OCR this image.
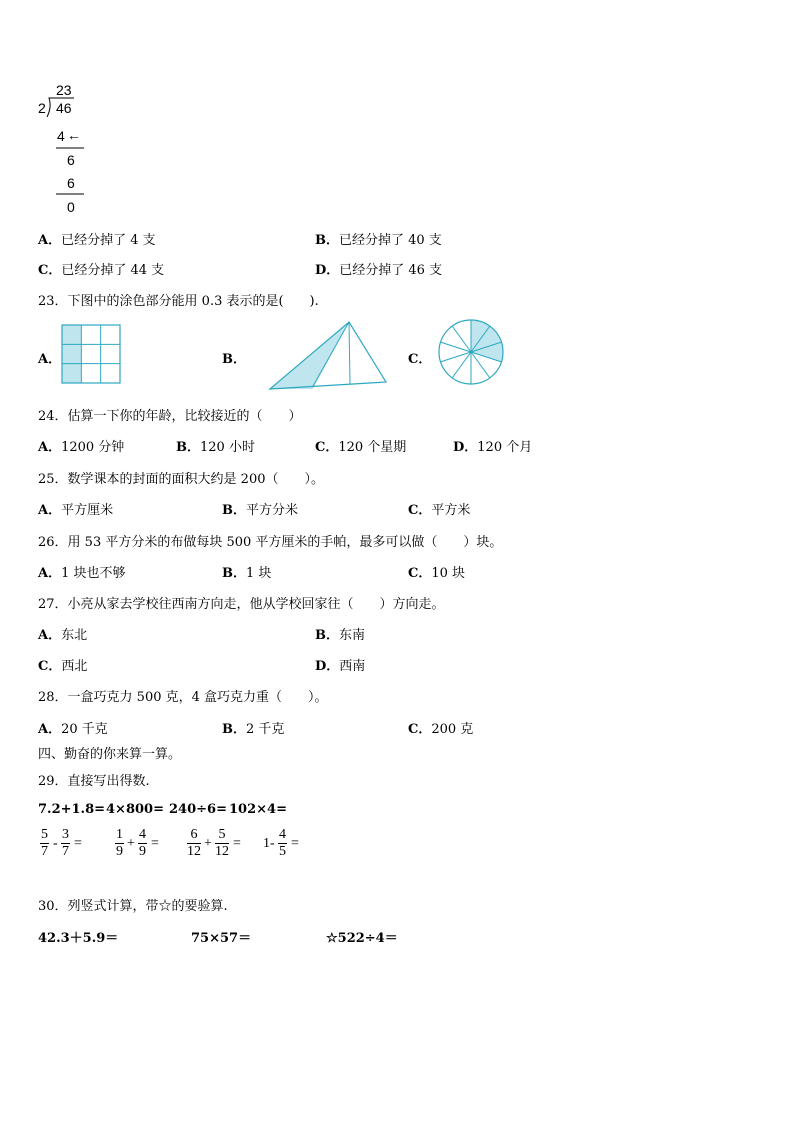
23
2 46
4 ←
6
6
0
A．已经分掉了 4 支	B．已经分掉了 40 支
C．已经分掉了 44 支	D．已经分掉了 46 支
23．下图中的涂色部分能用 0.3 表示的是(　　).
A．	B．	C．
24．估算一下你的年龄，比较接近的（　　）
A．1200 分钟	B．120 小时	C．120 个星期	D．120 个月
25．数学课本的封面的面积大约是 200（　　）。
A．平方厘米	B．平方分米	C．平方米
26．用 53 平方分米的布做每块 500 平方厘米的手帕，最多可以做（　　）块。
A．1 块也不够	B．1 块	C．10 块
27．小亮从家去学校往西南方向走，他从学校回家往（　　）方向走。
A．东北	B．东南
C．西北	D．西南
28．一盒巧克力 500 克，4 盒巧克力重（　　）。
A．20 千克	B．2 千克	C．200 克
四、勤奋的你来算一算。
29．直接写出得数.
7.2+1.8= 4×800= 240÷6= 102×4=
$\frac{5}{7} - \frac{3}{7} = \frac{1}{9} + \frac{4}{9} = \frac{6}{12} + \frac{5}{12} = 1- \frac{4}{5}$ =
30．列竖式计算，带☆的要验算.
42.3＋5.9＝	75×57＝	☆522÷4＝
